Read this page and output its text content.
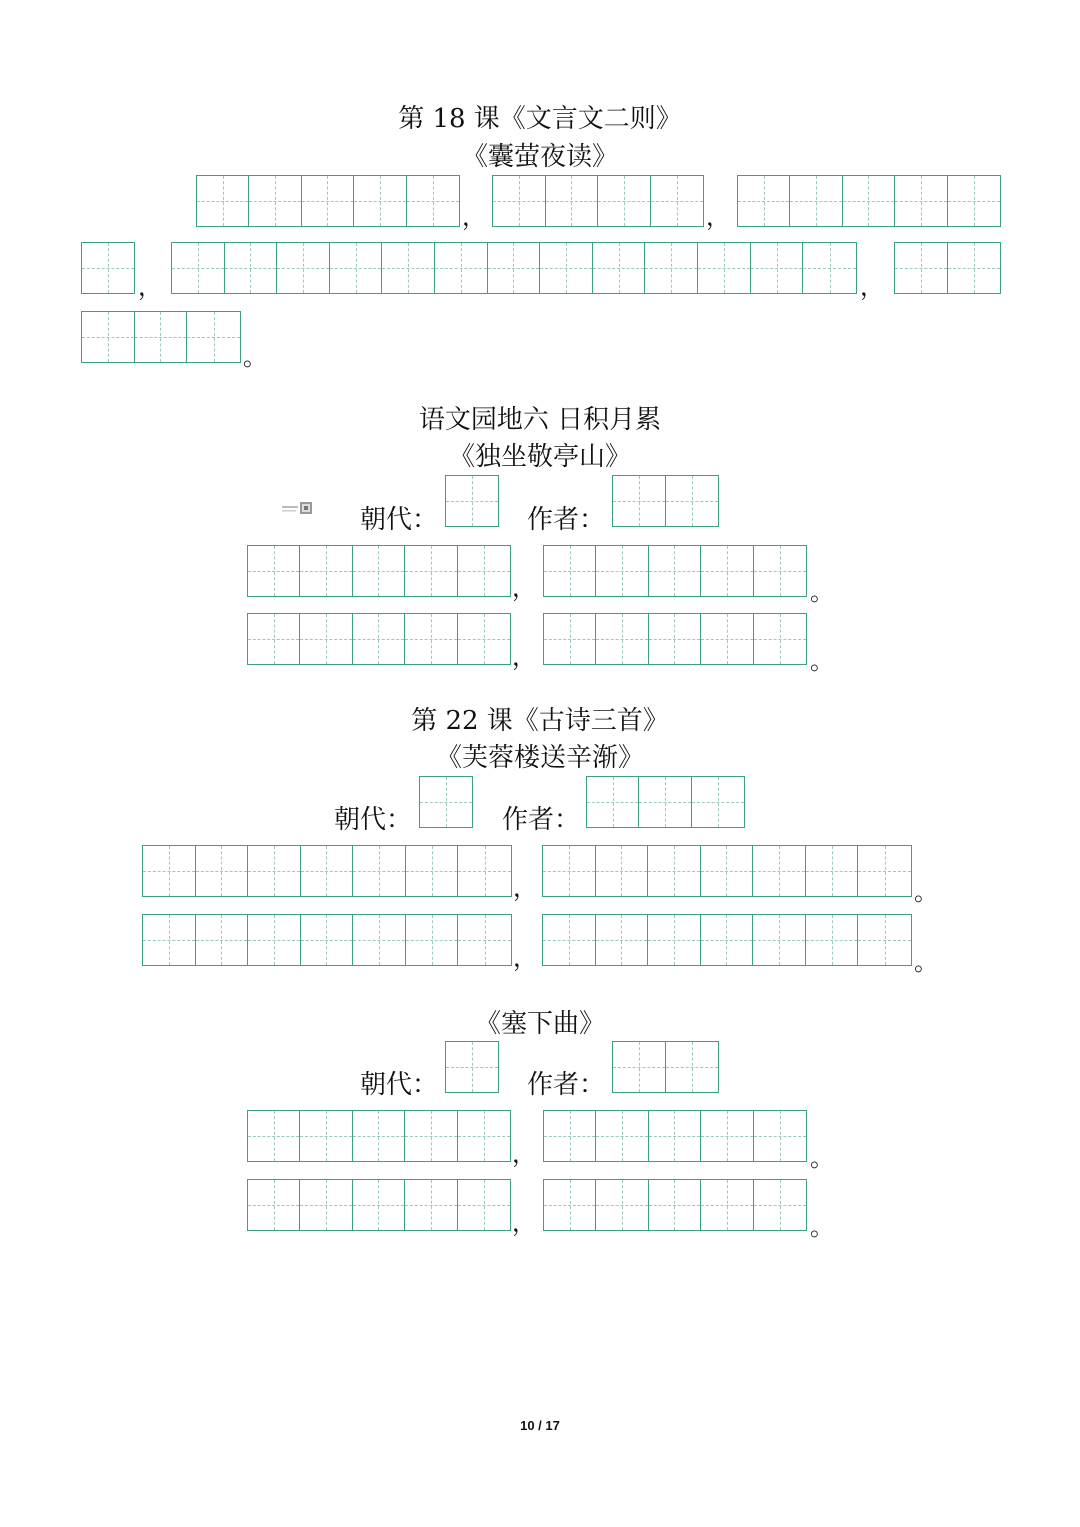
第 18 课《文言文二则》
《囊萤夜读》
，	，
，	，
。
语文园地六 日积月累
《独坐敬亭山》
朝代：	作者：
，	。
，	。
第 22 课《古诗三首》
《芙蓉楼送辛渐》
朝代：	作者：
，	。
，	。
《塞下曲》
朝代：	作者：
，	。
，	。
10 / 17
